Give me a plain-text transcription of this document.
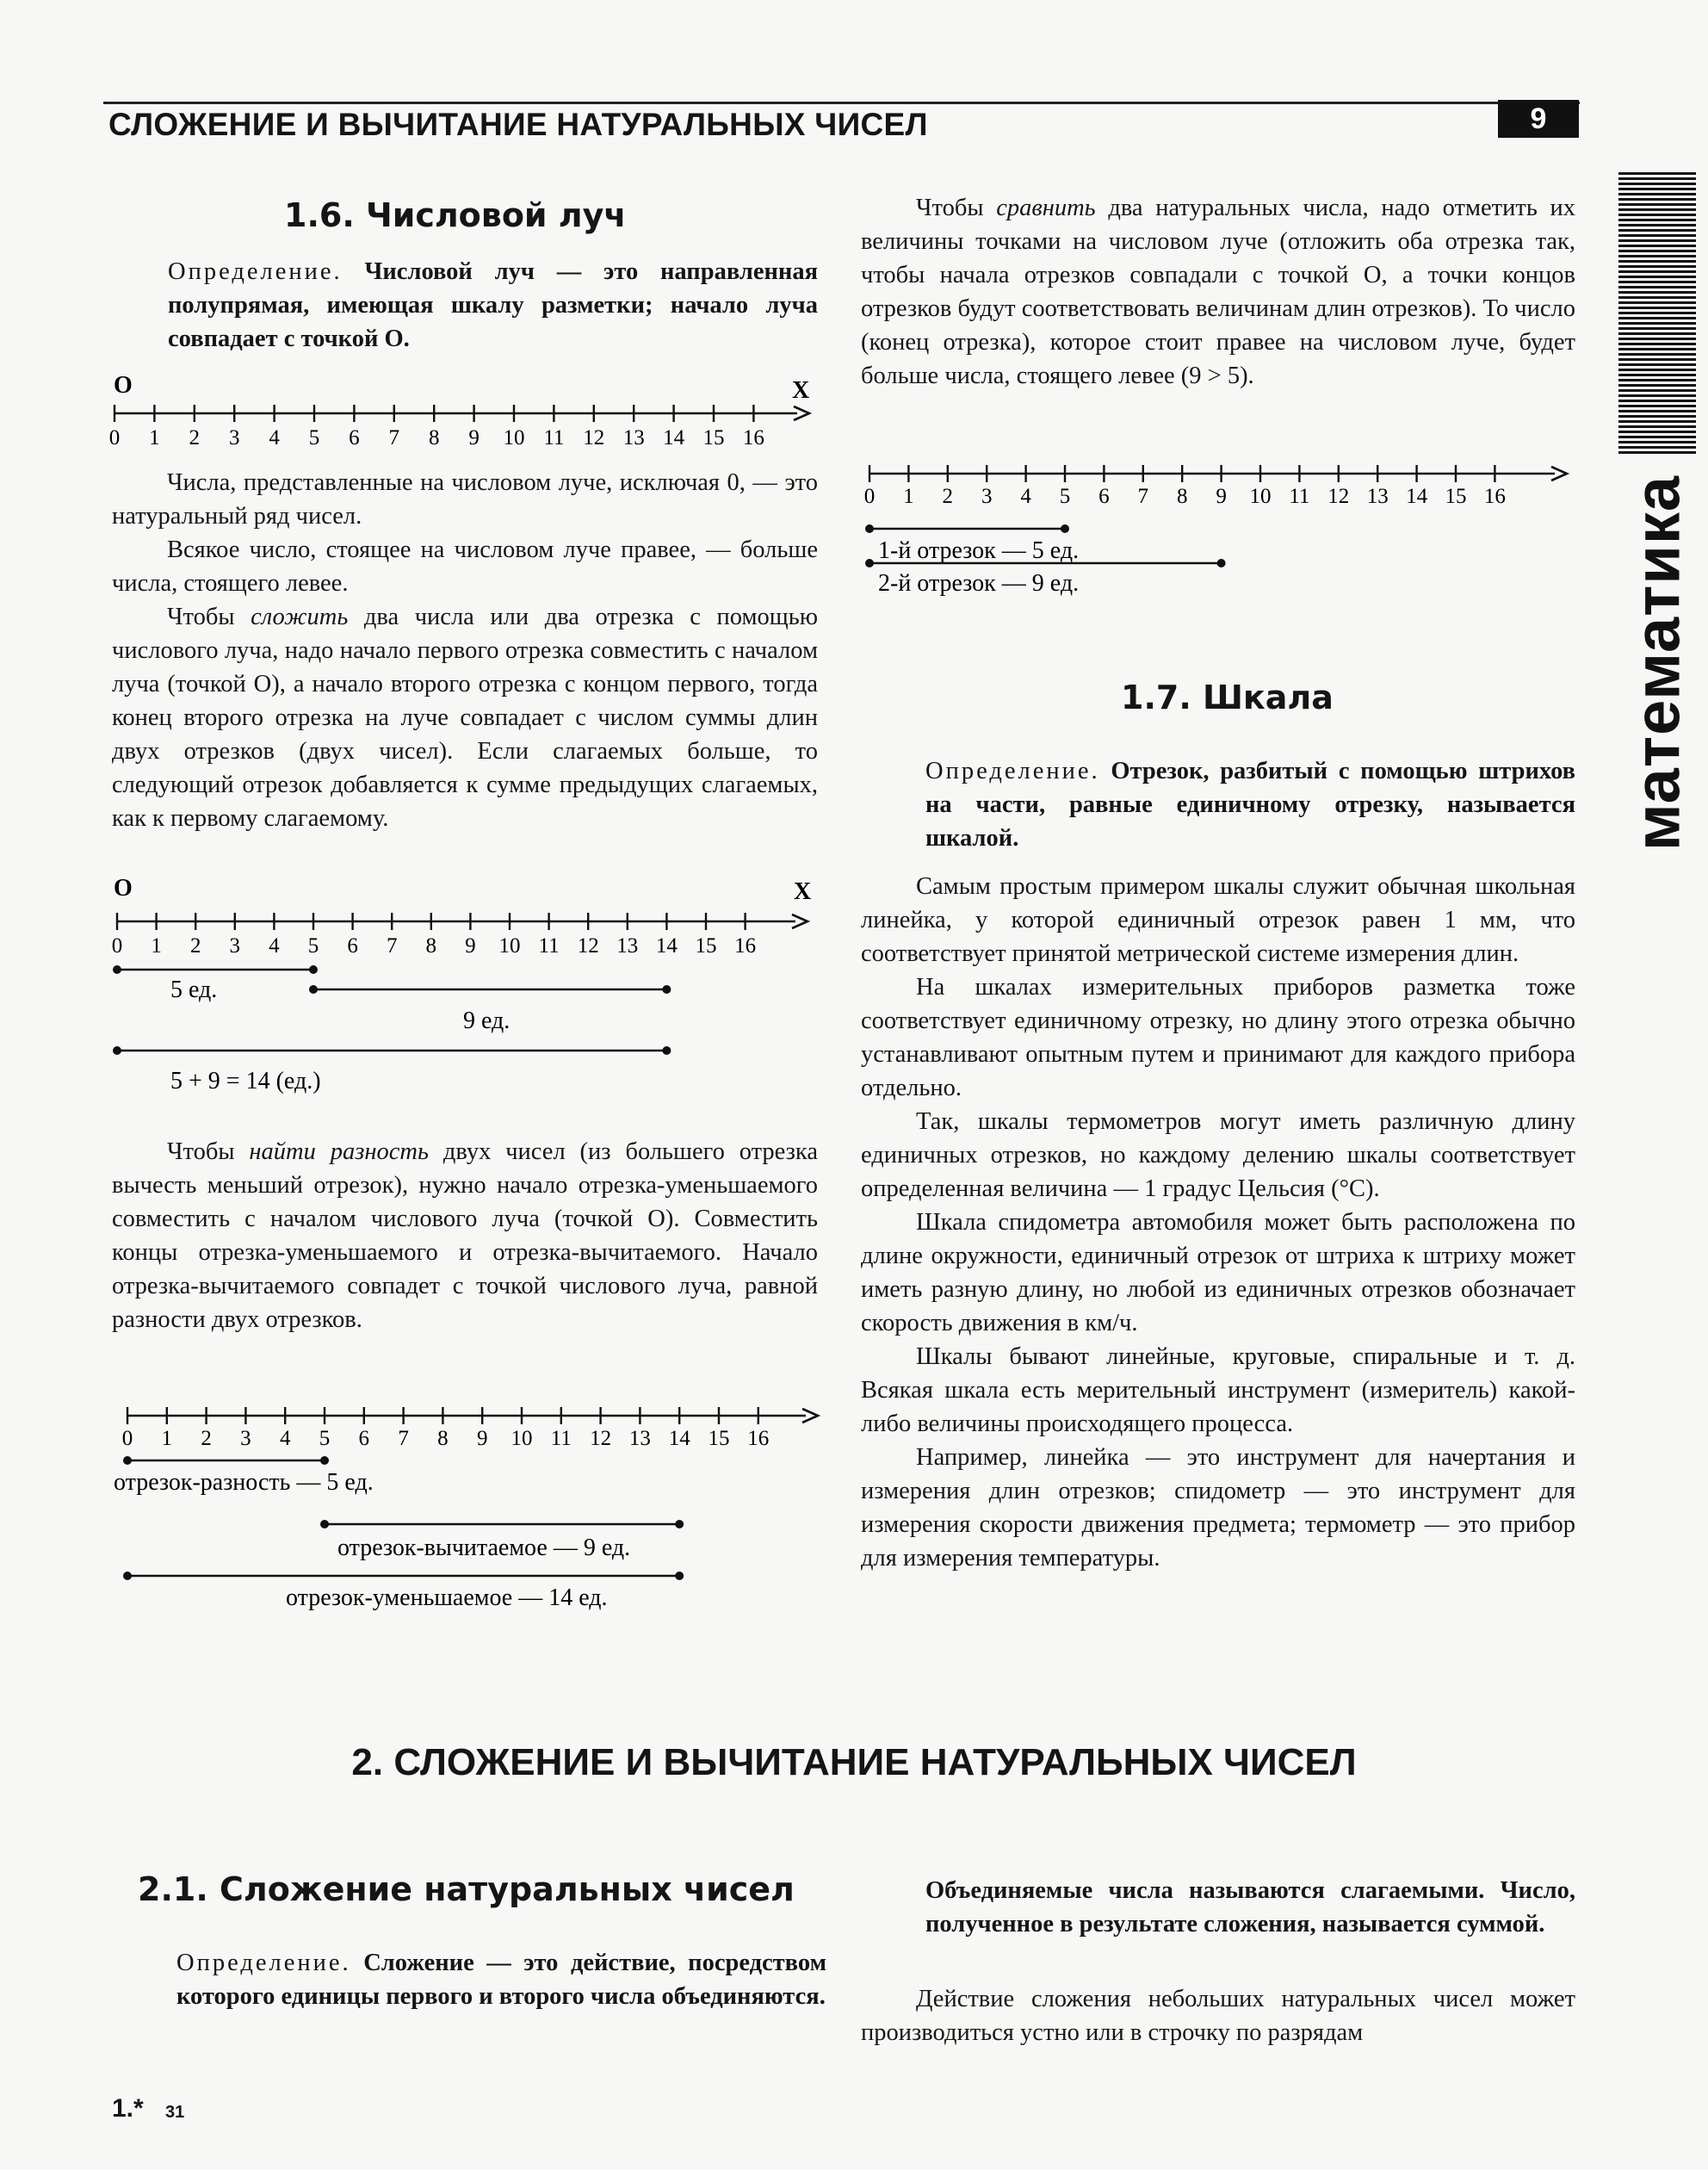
СЛОЖЕНИЕ И ВЫЧИТАНИЕ НАТУРАЛЬНЫХ ЧИСЕЛ	9
математика
1.6. Числовой луч
Определение. Числовой луч — это направленная полупрямая, имеющая шкалу разметки; начало луча совпадает с точкой О.
O	X
0 1 2 3 4 5 6 7 8 9 10 11 12 13 14 15 16

Числа, представленные на числовом луче, исключая 0, — это натуральный ряд чисел.

Всякое число, стоящее на числовом луче правее, — больше числа, стоящего левее.

Чтобы сложить два числа или два отрезка с помощью числового луча, надо начало первого отрезка совместить с началом луча (точкой О), а начало второго отрезка с концом первого, тогда конец второго отрезка на луче совпадает с числом суммы длин двух отрезков (двух чисел). Если слагаемых больше, то следующий отрезок добавляется к сумме предыдущих слагаемых, как к первому слагаемому.

O	X
0 1 2 3 4 5 6 7 8 9 10 11 12 13 14 15 16
5 ед.
9 ед.
5 + 9 = 14 (ед.)

Чтобы найти разность двух чисел (из большего отрезка вычесть меньший отрезок), нужно начало отрезка-уменьшаемого совместить с началом числового луча (точкой О). Совместить концы отрезка-уменьшаемого и отрезка-вычитаемого. Начало отрезка-вычитаемого совпадет с точкой числового луча, равной разности двух отрезков.

0 1 2 3 4 5 6 7 8 9 10 11 12 13 14 15 16
отрезок-разность — 5 ед.
отрезок-вычитаемое — 9 ед.
отрезок-уменьшаемое — 14 ед.

Чтобы сравнить два натуральных числа, надо отметить их величины точками на числовом луче (отложить оба отрезка так, чтобы начала отрезков совпадали с точкой О, а точки концов отрезков будут соответствовать величинам длин отрезков). То число (конец отрезка), которое стоит правее на числовом луче, будет больше числа, стоящего левее (9 > 5).

0 1 2 3 4 5 6 7 8 9 10 11 12 13 14 15 16
1-й отрезок — 5 ед.
2-й отрезок — 9 ед.
1.7. Шкала
Определение. Отрезок, разбитый с помощью штрихов на части, равные единичному отрезку, называется шкалой.

Самым простым примером шкалы служит обычная школьная линейка, у которой единичный отрезок равен 1 мм, что соответствует принятой метрической системе измерения длин.

На шкалах измерительных приборов разметка тоже соответствует единичному отрезку, но длину этого отрезка обычно устанавливают опытным путем и принимают для каждого прибора отдельно.

Так, шкалы термометров могут иметь различную длину единичных отрезков, но каждому делению шкалы соответствует определенная величина — 1 градус Цельсия (°С).

Шкала спидометра автомобиля может быть расположена по длине окружности, единичный отрезок от штриха к штриху может иметь разную длину, но любой из единичных отрезков обозначает скорость движения в км/ч.

Шкалы бывают линейные, круговые, спиральные и т. д. Всякая шкала есть мерительный инструмент (измеритель) какой-либо величины происходящего процесса.

Например, линейка — это инструмент для начертания и измерения длин отрезков; спидометр — это инструмент для измерения скорости движения предмета; термометр — это прибор для измерения температуры.

2. СЛОЖЕНИЕ И ВЫЧИТАНИЕ НАТУРАЛЬНЫХ ЧИСЕЛ
2.1. Сложение натуральных чисел
Определение. Сложение — это действие, посредством которого единицы первого и второго числа объединяются.
Объединяемые числа называются слагаемыми. Число, полученное в результате сложения, называется суммой.

Действие сложения небольших натуральных чисел может производиться устно или в строчку по разрядам

1.* 31
